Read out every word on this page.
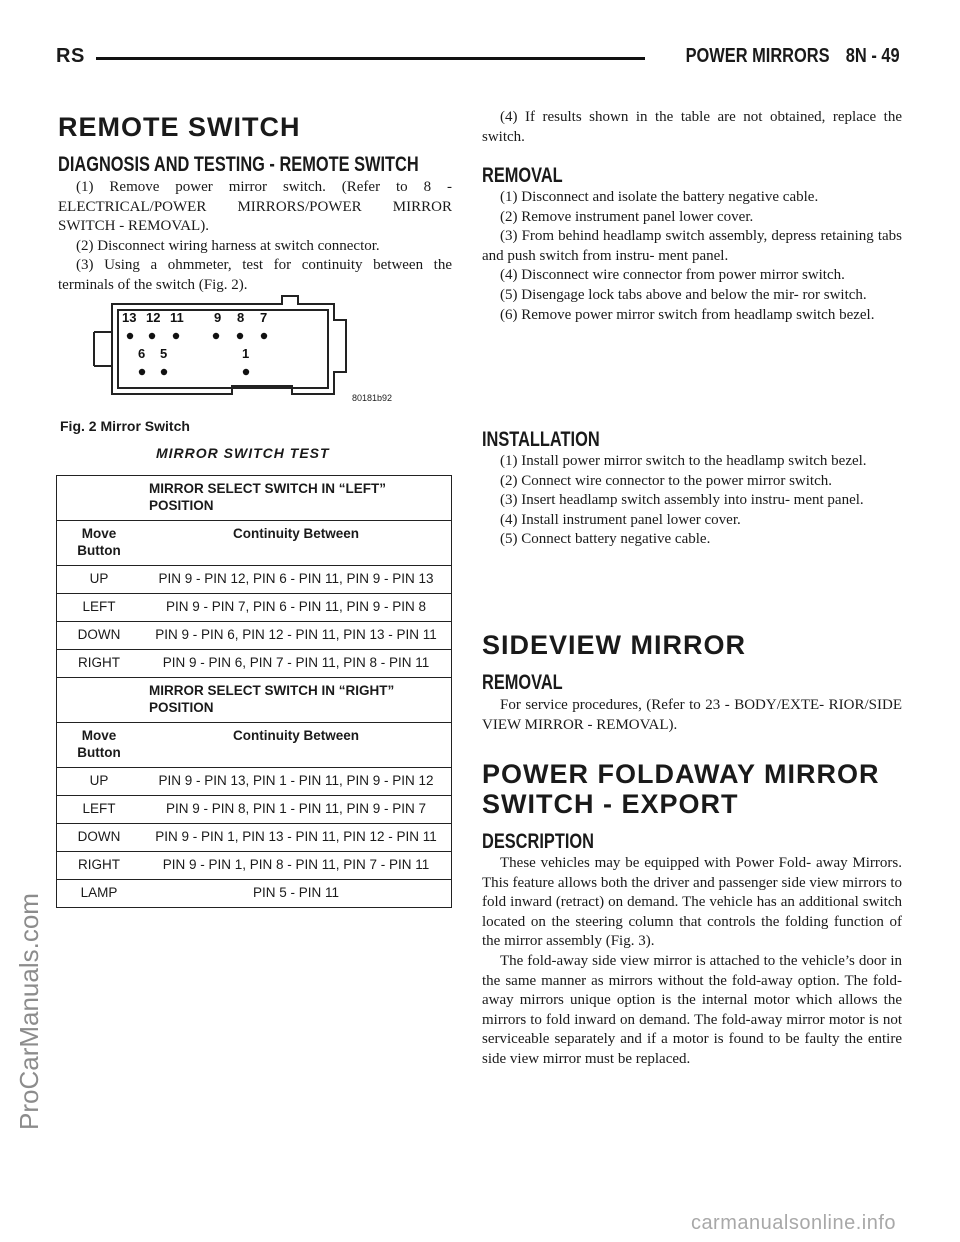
RS	POWER MIRRORS 8N - 49
REMOTE SWITCH
DIAGNOSIS AND TESTING - REMOTE SWITCH

(1) Remove power mirror switch. (Refer to 8 - ELECTRICAL/POWER MIRRORS/POWER MIRROR SWITCH - REMOVAL).

(2) Disconnect wiring harness at switch connector.

(3) Using a ohmmeter, test for continuity between the terminals of the switch (Fig. 2).

13 12 11 9 8 7
6 5	1
80181b92
Fig. 2 Mirror Switch
MIRROR SWITCH TEST
MIRROR SELECT SWITCH IN “LEFT” POSITION	
Move Button	Continuity Between
UP	PIN 9 - PIN 12, PIN 6 - PIN 11, PIN 9 - PIN 13
LEFT	PIN 9 - PIN 7, PIN 6 - PIN 11, PIN 9 - PIN 8
DOWN	PIN 9 - PIN 6, PIN 12 - PIN 11, PIN 13 - PIN 11
RIGHT	PIN 9 - PIN 6, PIN 7 - PIN 11, PIN 8 - PIN 11
MIRROR SELECT SWITCH IN “RIGHT” POSITION	
Move Button	Continuity Between
UP	PIN 9 - PIN 13, PIN 1 - PIN 11, PIN 9 - PIN 12
LEFT	PIN 9 - PIN 8, PIN 1 - PIN 11, PIN 9 - PIN 7
DOWN	PIN 9 - PIN 1, PIN 13 - PIN 11, PIN 12 - PIN 11
RIGHT	PIN 9 - PIN 1, PIN 8 - PIN 11, PIN 7 - PIN 11
LAMP	PIN 5 - PIN 11

(4) If results shown in the table are not obtained, replace the switch.

REMOVAL

(1) Disconnect and isolate the battery negative cable.

(2) Remove instrument panel lower cover.

(3) From behind headlamp switch assembly, depress retaining tabs and push switch from instru- ment panel.

(4) Disconnect wire connector from power mirror switch.

(5) Disengage lock tabs above and below the mir- ror switch.

(6) Remove power mirror switch from headlamp switch bezel.

INSTALLATION

(1) Install power mirror switch to the headlamp switch bezel.

(2) Connect wire connector to the power mirror switch.

(3) Insert headlamp switch assembly into instru- ment panel.

(4) Install instrument panel lower cover.

(5) Connect battery negative cable.

SIDEVIEW MIRROR
REMOVAL

For service procedures, (Refer to 23 - BODY/EXTE- RIOR/SIDE VIEW MIRROR - REMOVAL).

POWER FOLDAWAY MIRROR
SWITCH - EXPORT
DESCRIPTION

These vehicles may be equipped with Power Fold- away Mirrors. This feature allows both the driver and passenger side view mirrors to fold inward (retract) on demand. The vehicle has an additional switch located on the steering column that controls the folding function of the mirror assembly (Fig. 3).

The fold-away side view mirror is attached to the vehicle’s door in the same manner as mirrors without the fold-away option. The fold-away mirrors unique option is the internal motor which allows the mirrors to fold inward on demand. The fold-away mirror motor is not serviceable separately and if a motor is found to be faulty the entire side view mirror must be replaced.

ProCarManuals.com
carmanualsonline.info
